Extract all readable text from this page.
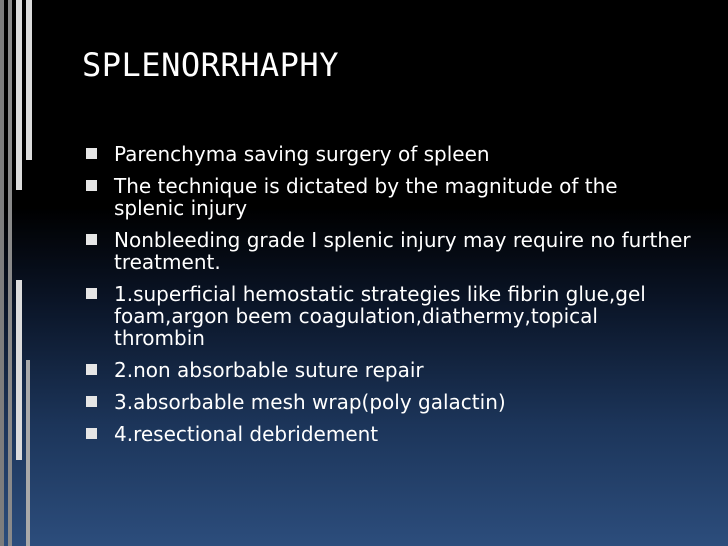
SPLENORRHAPHY
Parenchyma saving surgery of spleen
The technique is dictated by the magnitude of the splenic injury
Nonbleeding grade I splenic injury may require no further treatment.
1.superficial hemostatic strategies like fibrin glue,gel foam,argon beem coagulation,diathermy,topical thrombin
2.non absorbable suture repair
3.absorbable mesh wrap(poly galactin)
4.resectional debridement
